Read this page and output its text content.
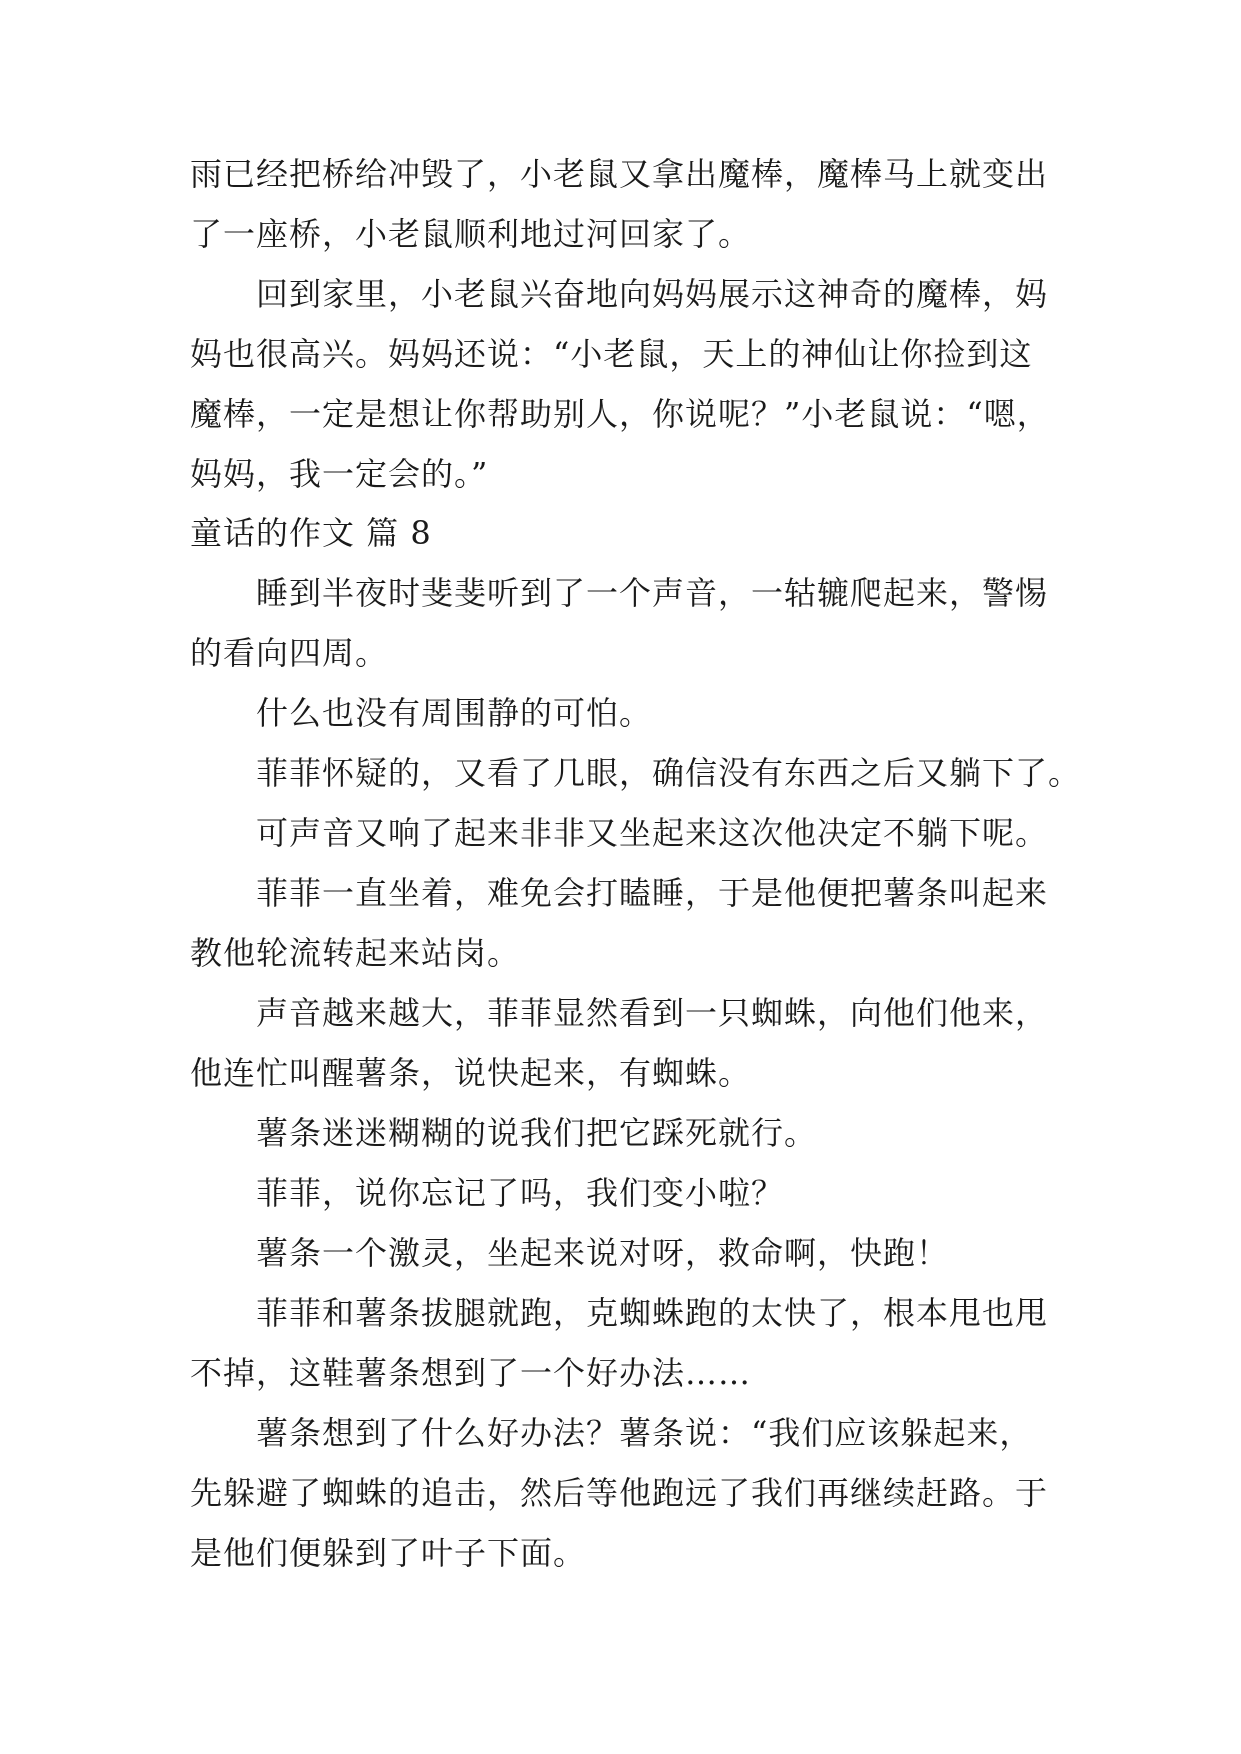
雨已经把桥给冲毁了，小老鼠又拿出魔棒，魔棒马上就变出
了一座桥，小老鼠顺利地过河回家了。
回到家里，小老鼠兴奋地向妈妈展示这神奇的魔棒，妈
妈也很高兴。妈妈还说：“小老鼠，天上的神仙让你捡到这
魔棒，一定是想让你帮助别人，你说呢？”小老鼠说：“嗯，
妈妈，我一定会的。”
童话的作文 篇 8
睡到半夜时斐斐听到了一个声音，一轱辘爬起来，警惕
的看向四周。
什么也没有周围静的可怕。
菲菲怀疑的，又看了几眼，确信没有东西之后又躺下了。
可声音又响了起来非非又坐起来这次他决定不躺下呢。
菲菲一直坐着，难免会打瞌睡，于是他便把薯条叫起来
教他轮流转起来站岗。
声音越来越大，菲菲显然看到一只蜘蛛，向他们他来，
他连忙叫醒薯条，说快起来，有蜘蛛。
薯条迷迷糊糊的说我们把它踩死就行。
菲菲，说你忘记了吗，我们变小啦？
薯条一个激灵，坐起来说对呀，救命啊，快跑！
菲菲和薯条拔腿就跑，克蜘蛛跑的太快了，根本甩也甩
不掉，这鞋薯条想到了一个好办法……
薯条想到了什么好办法？薯条说：“我们应该躲起来，
先躲避了蜘蛛的追击，然后等他跑远了我们再继续赶路。于
是他们便躲到了叶子下面。
